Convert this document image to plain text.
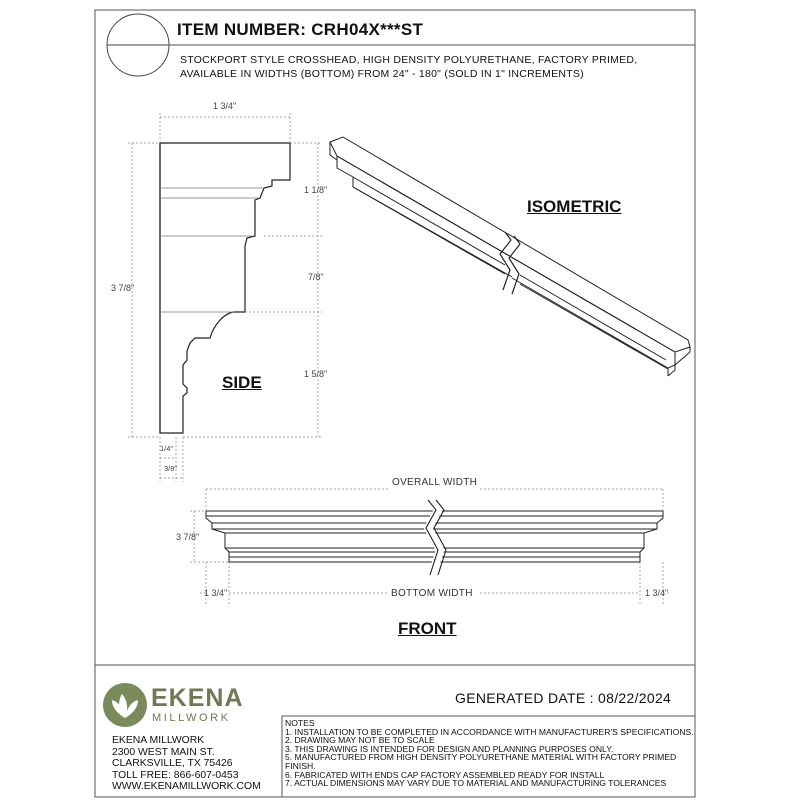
ITEM NUMBER: CRH04X***ST
STOCKPORT STYLE CROSSHEAD, HIGH DENSITY POLYURETHANE, FACTORY PRIMED,
AVAILABLE IN WIDTHS (BOTTOM) FROM 24" - 180" (SOLD IN 1" INCREMENTS)
SIDE
ISOMETRIC
FRONT
1 3/4"
3 7/8"
1 1/8"
7/8"
1 5/8"
1/4"
3/8"
OVERALL WIDTH
BOTTOM WIDTH
3 7/8"
1 3/4"	1 3/4"
EKENA
MILLWORK
GENERATED DATE : 08/22/2024
EKENA MILLWORK
2300 WEST MAIN ST.
CLARKSVILLE, TX 75426
TOLL FREE: 866-607-0453
WWW.EKENAMILLWORK.COM
NOTES
1. INSTALLATION TO BE COMPLETED IN ACCORDANCE WITH MANUFACTURER'S SPECIFICATIONS.
2. DRAWING MAY NOT BE TO SCALE
3. THIS DRAWING IS INTENDED FOR DESIGN AND PLANNING PURPOSES ONLY.
5. MANUFACTURED FROM HIGH DENSITY POLYURETHANE MATERIAL WITH FACTORY PRIMED FINISH.
6. FABRICATED WITH ENDS CAP FACTORY ASSEMBLED READY FOR INSTALL
7. ACTUAL DIMENSIONS MAY VARY DUE TO MATERIAL AND MANUFACTURING TOLERANCES
